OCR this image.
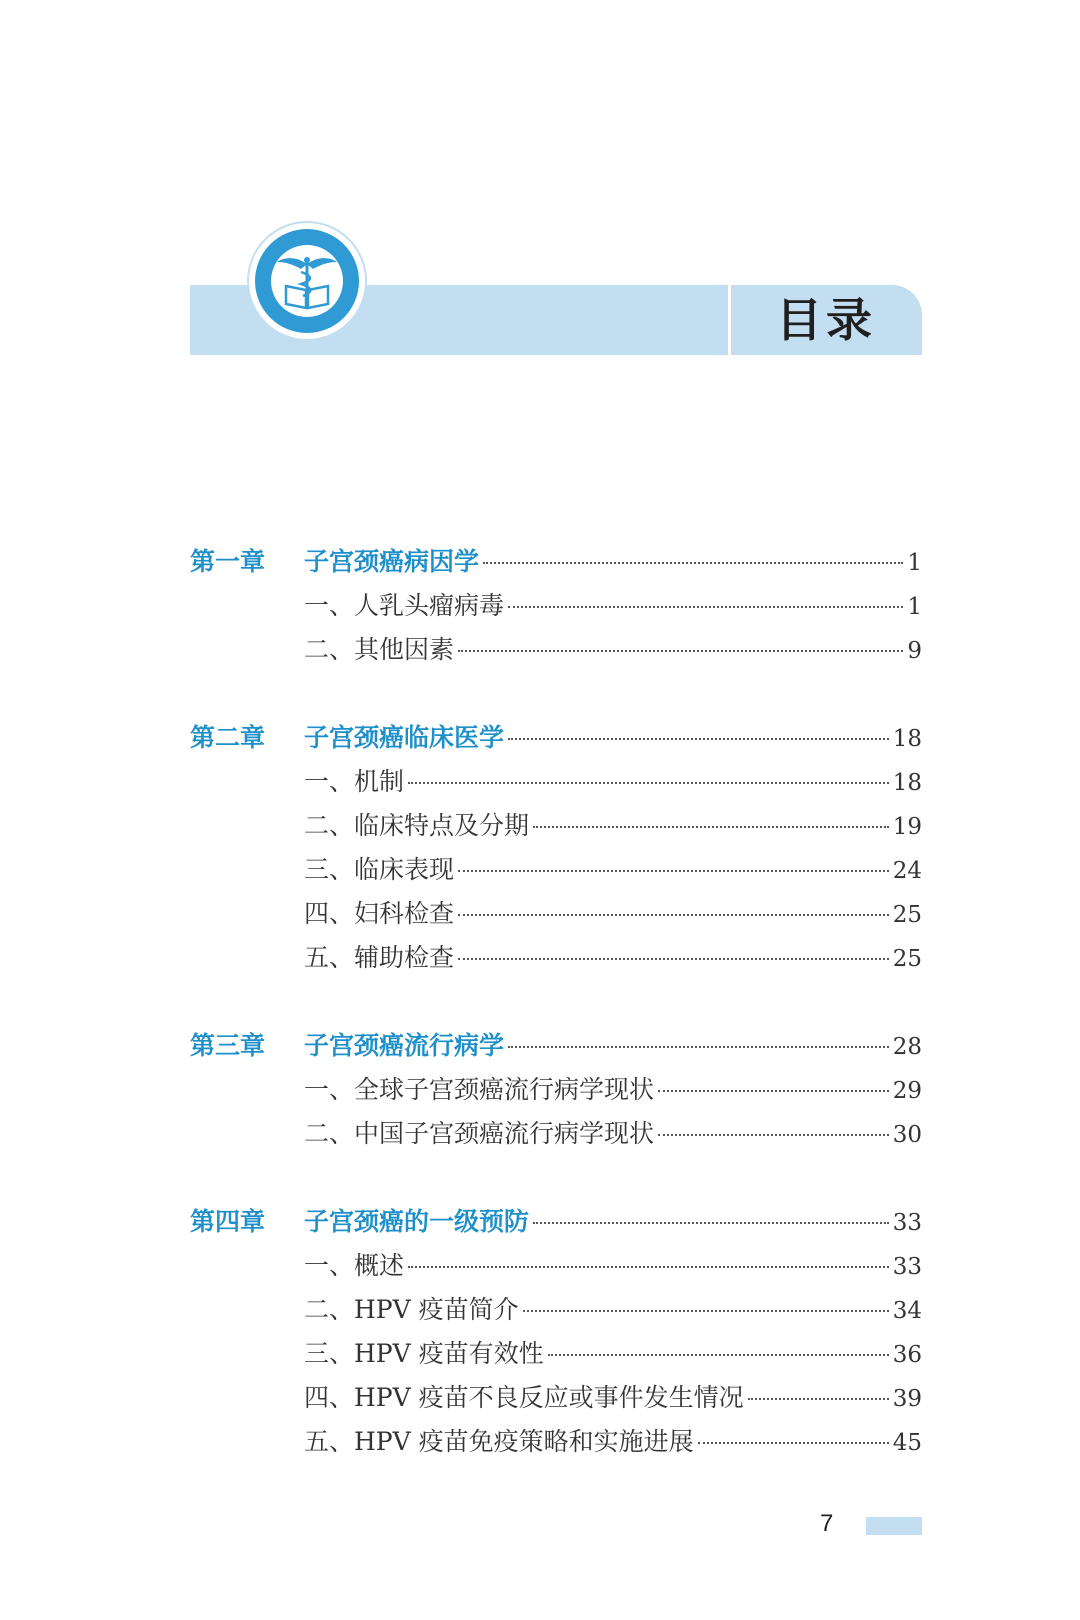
目录
第一章	子宫颈癌病因学	1
一、人乳头瘤病毒	1
二、其他因素	9
第二章	子宫颈癌临床医学	18
一、机制	18
二、临床特点及分期	19
三、临床表现	24
四、妇科检查	25
五、辅助检查	25
第三章	子宫颈癌流行病学	28
一、全球子宫颈癌流行病学现状	29
二、中国子宫颈癌流行病学现状	30
第四章	子宫颈癌的一级预防	33
一、概述	33
二、HPV 疫苗简介	34
三、HPV 疫苗有效性	36
四、HPV 疫苗不良反应或事件发生情况	39
五、HPV 疫苗免疫策略和实施进展	45
7
